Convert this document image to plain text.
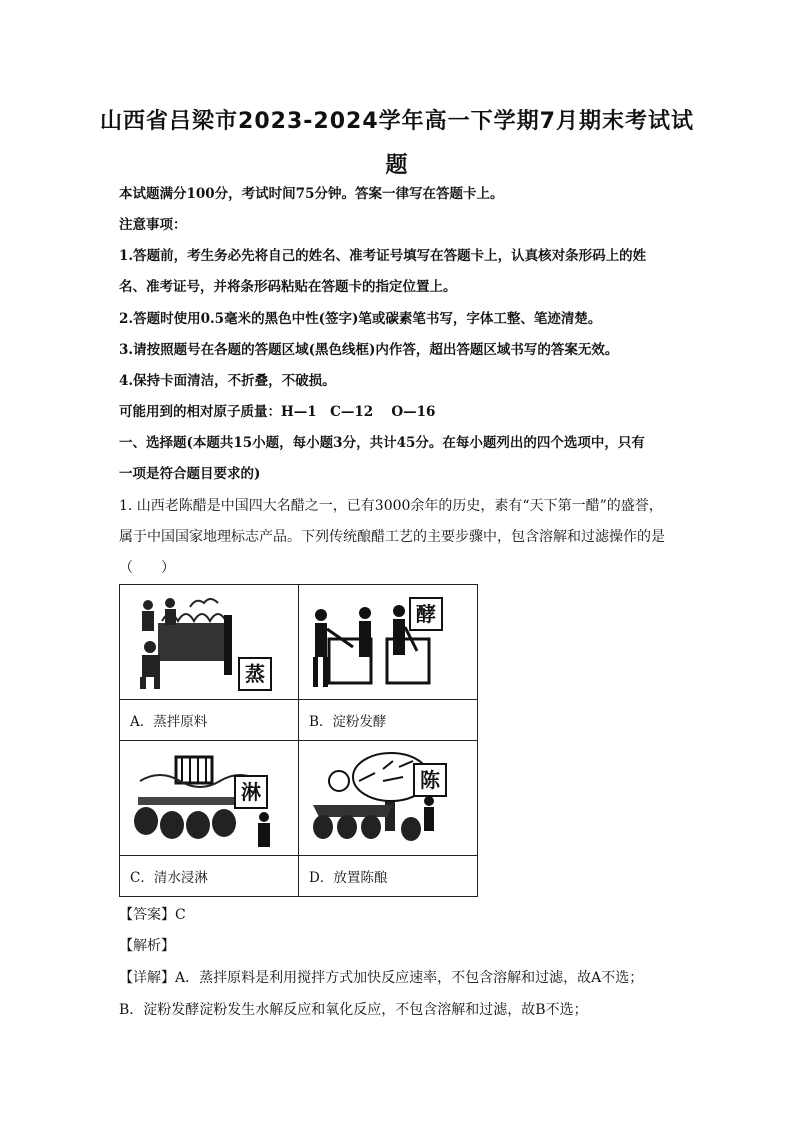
山西省吕梁市2023-2024学年高一下学期7月期末考试试
题
本试题满分100分，考试时间75分钟。答案一律写在答题卡上。
注意事项：
1.答题前，考生务必先将自己的姓名、准考证号填写在答题卡上，认真核对条形码上的姓
名、准考证号，并将条形码粘贴在答题卡的指定位置上。
2.答题时使用0.5毫米的黑色中性(签字)笔或碳素笔书写，字体工整、笔迹清楚。
3.请按照题号在各题的答题区域(黑色线框)内作答，超出答题区域书写的答案无效。
4.保持卡面清洁，不折叠，不破损。
可能用到的相对原子质量：H—1　C—12　 O—16
一、选择题(本题共15小题，每小题3分，共计45分。在每小题列出的四个选项中，只有
一项是符合题目要求的)
1. 山西老陈醋是中国四大名醋之一，已有3000余年的历史，素有“天下第一醋”的盛誉，
属于中国国家地理标志产品。下列传统酿醋工艺的主要步骤中，包含溶解和过滤操作的是
（　　）
蒸	酵

A．蒸拌原料	B．淀粉发酵

淋	陈

C．清水浸淋	D．放置陈酿
【答案】C
【解析】
【详解】A．蒸拌原料是利用搅拌方式加快反应速率，不包含溶解和过滤，故A不选；
B．淀粉发酵淀粉发生水解反应和氧化反应，不包含溶解和过滤，故B不选；
